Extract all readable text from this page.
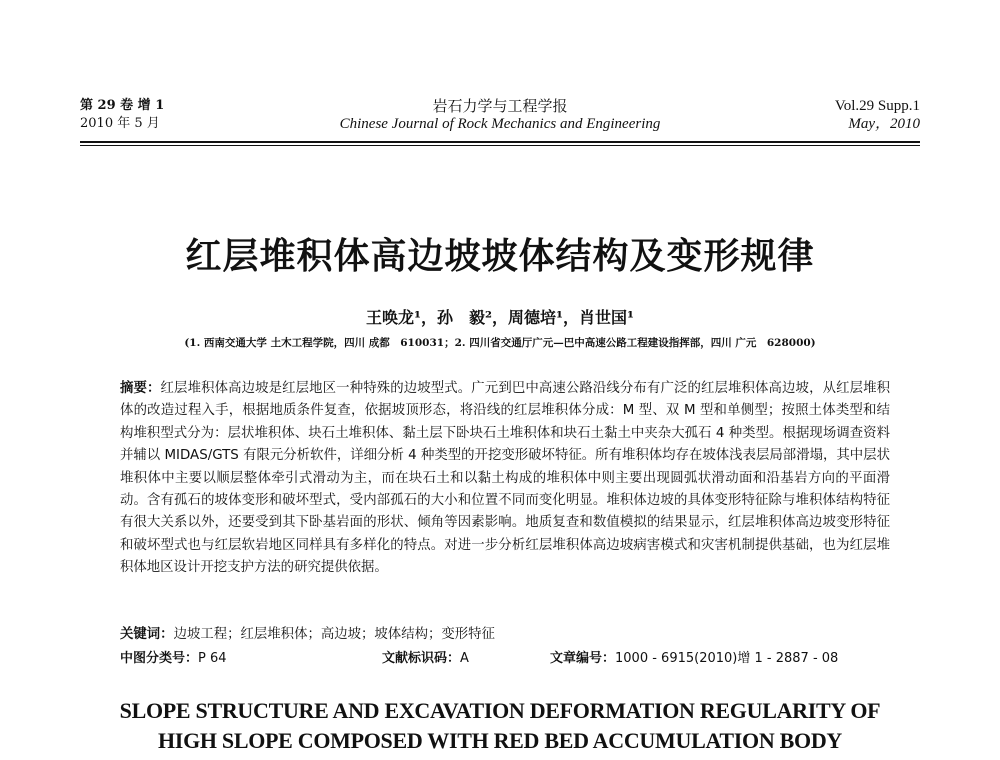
第 29 卷 增 1
2010 年 5 月
岩石力学与工程学报
Chinese Journal of Rock Mechanics and Engineering
Vol.29 Supp.1
May，2010
红层堆积体高边坡坡体结构及变形规律
王唤龙¹，孙　毅²，周德培¹，肖世国¹
(1. 西南交通大学 土木工程学院，四川 成都　610031；2. 四川省交通厅广元—巴中高速公路工程建设指挥部，四川 广元　628000)
摘要：红层堆积体高边坡是红层地区一种特殊的边坡型式。广元到巴中高速公路沿线分布有广泛的红层堆积体高边坡，从红层堆积体的改造过程入手，根据地质条件复查，依据坡顶形态，将沿线的红层堆积体分成：M 型、双 M 型和单侧型；按照土体类型和结构堆积型式分为：层状堆积体、块石土堆积体、黏土层下卧块石土堆积体和块石土黏土中夹杂大孤石 4 种类型。根据现场调查资料并辅以 MIDAS/GTS 有限元分析软件，详细分析 4 种类型的开挖变形破坏特征。所有堆积体均存在坡体浅表层局部滑塌，其中层状堆积体中主要以顺层整体牵引式滑动为主，而在块石土和以黏土构成的堆积体中则主要出现圆弧状滑动面和沿基岩方向的平面滑动。含有孤石的坡体变形和破坏型式，受内部孤石的大小和位置不同而变化明显。堆积体边坡的具体变形特征除与堆积体结构特征有很大关系以外，还要受到其下卧基岩面的形状、倾角等因素影响。地质复查和数值模拟的结果显示，红层堆积体高边坡变形特征和破坏型式也与红层软岩地区同样具有多样化的特点。对进一步分析红层堆积体高边坡病害模式和灾害机制提供基础，也为红层堆积体地区设计开挖支护方法的研究提供依据。
关键词：边坡工程；红层堆积体；高边坡；坡体结构；变形特征
中图分类号：P 64	文献标识码：A	文章编号：1000 - 6915(2010)增 1 - 2887 - 08
SLOPE STRUCTURE AND EXCAVATION DEFORMATION REGULARITY OF
HIGH SLOPE COMPOSED WITH RED BED ACCUMULATION BODY
